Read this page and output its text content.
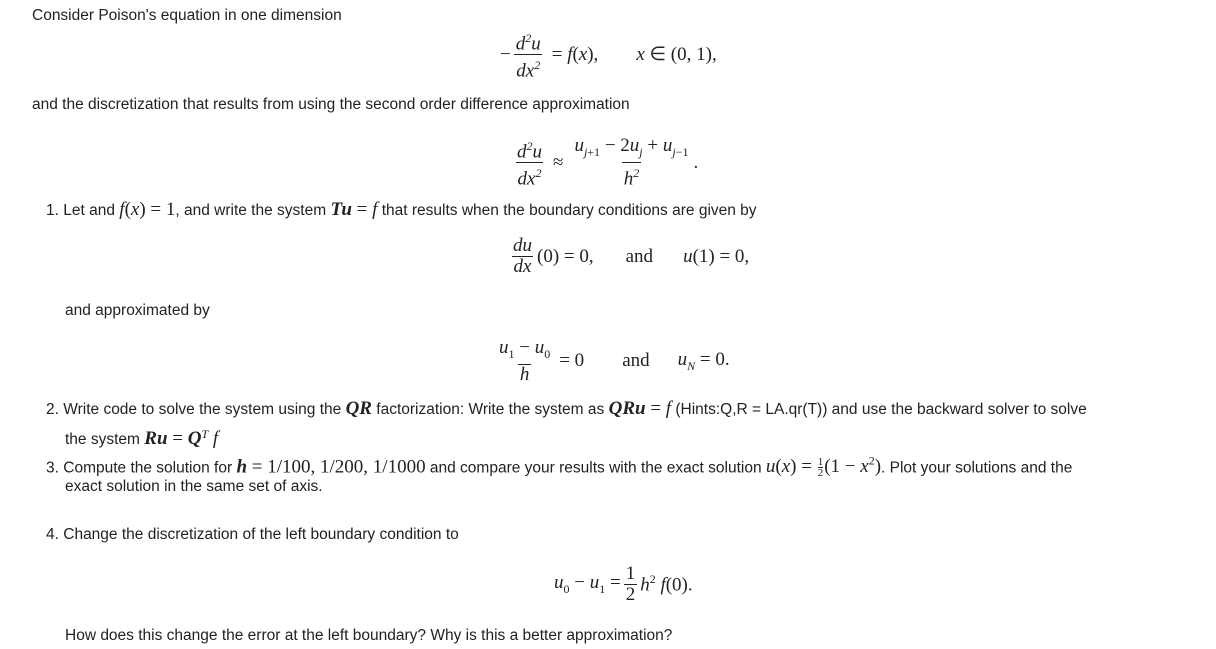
Consider Poison's equation in one dimension
− $\frac{d^2u}{dx^2} = f(x)$, x ∈ (0, 1),
and the discretization that results from using the second order difference approximation
$\frac{d^2u}{dx^2} \approx \frac{u_{j+1} - 2u_j + u_{j-1}}{h^2}$ .
1. Let and f(x) = 1, and write the system Tu = f that results when the boundary conditions are given by
$\frac{du}{dx} (0) = 0$, and u(1) = 0,
and approximated by
$\frac{u_1 - u_0}{h} = 0$ and $u_N = 0$.
2. Write code to solve the system using the QR factorization: Write the system as QRu = f (Hints:Q,R = LA.qr(T)) and use the backward solver to solve
the system $Ru = Q^T$ f
3. Compute the solution for h = 1/100, 1/200, 1/1000 and compare your results with the exact solution $u(x) = \frac{1}{2} (1 - x^2)$. Plot your solutions and the
exact solution in the same set of axis.
4. Change the discretization of the left boundary condition to
$u_0 - u_1 = \frac{1}{2} h^2$ f(0).
How does this change the error at the left boundary? Why is this a better approximation?
